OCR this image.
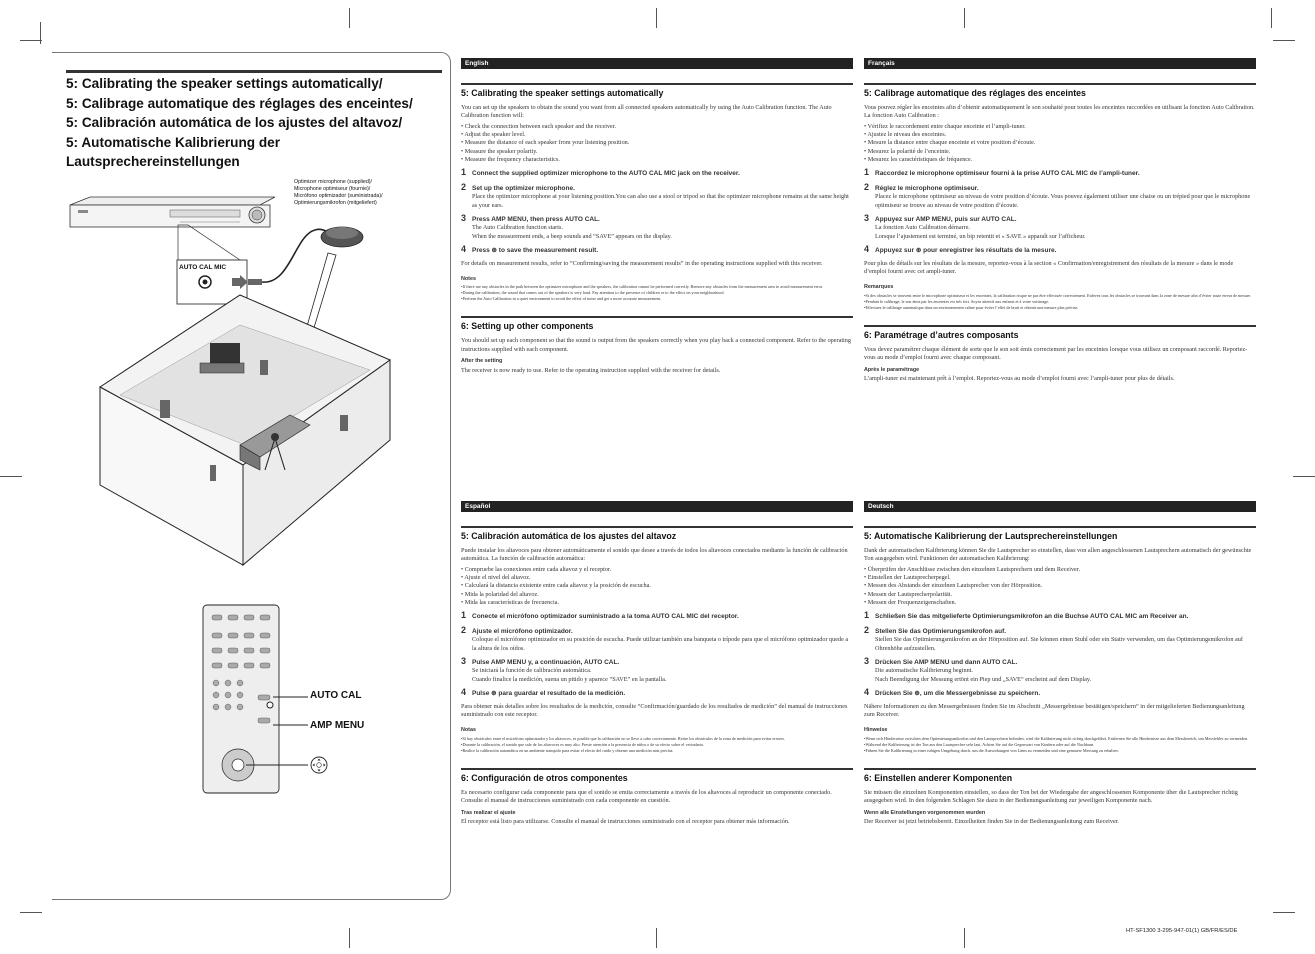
5: Calibrating the speaker settings automatically/
5: Calibrage automatique des réglages des enceintes/
5: Calibración automática de los ajustes del altavoz/
5: Automatische Kalibrierung der
Lautsprechereinstellungen
Optimizer microphone (supplied)/
Microphone optimiseur (fournie)/
Micrófono optimizador (suministrada)/
Optimierungsmikrofon (mitgeliefert)
AUTO CAL MIC
AUTO CAL
AMP MENU
English
5: Calibrating the speaker settings automatically
You can set up the speakers to obtain the sound you want from all connected speakers automatically by using the Auto Calibration function. The Auto Calibration function will:
• Check the connection between each speaker and the receiver.
• Adjust the speaker level.
• Measure the distance of each speaker from your listening position.
• Measure the speaker polarity.
• Measure the frequency characteristics.
1 Connect the supplied optimizer microphone to the AUTO CAL MIC jack on the receiver.
2 Set up the optimizer microphone.
Place the optimizer microphone at your listening position.You can also use a stool or tripod so that the optimizer microphone remains at the same height as your ears.
3 Press AMP MENU, then press AUTO CAL.
The Auto Calibration function starts.
When the measurement ends, a beep sounds and “SAVE” appears on the display.
4 Press ⊕ to save the measurement result.
For details on measurement results, refer to “Confirming/saving the measurement results” in the operating instructions supplied with this receiver.
Notes
•If there are any obstacles in the path between the optimizer microphone and the speakers, the calibration cannot be performed correctly. Remove any obstacles from the measurement area to avoid measurement error.
•During the calibration, the sound that comes out of the speakers is very loud. Pay attention to the presence of children or to the effect on your neighborhood.
•Perform the Auto Calibration in a quiet environment to avoid the effect of noise and get a more accurate measurement.
6: Setting up other components
You should set up each component so that the sound is output from the speakers correctly when you play back a connected component. Refer to the operating instructions supplied with each component.
After the setting
The receiver is now ready to use. Refer to the operating instruction supplied with the receiver for details.
Français
5: Calibrage automatique des réglages des enceintes
Vous pouvez régler les enceintes afin d’obtenir automatiquement le son souhaité pour toutes les enceintes raccordées en utilisant la fonction Auto Calibration. La fonction Auto Calibration :
• Vérifiez le raccordement entre chaque enceinte et l’ampli-tuner.
• Ajustez le niveau des enceintes.
• Mesure la distance entre chaque enceinte et votre position d’écoute.
• Mesurez la polarité de l’enceinte.
• Mesurez les caractéristiques de fréquence.
1 Raccordez le microphone optimiseur fourni à la prise AUTO CAL MIC de l’ampli-tuner.
2 Réglez le microphone optimiseur.
Placez le microphone optimiseur au niveau de votre position d’écoute. Vous pouvez également utiliser une chaise ou un trépied pour que le microphone optimiseur se trouve au niveau de votre position d’écoute.
3 Appuyez sur AMP MENU, puis sur AUTO CAL.
La fonction Auto Calibration démarre.
Lorsque l’ajustement est terminé, un bip retentit et « SAVE » apparaît sur l’afficheur.
4 Appuyez sur ⊕ pour enregistrer les résultats de la mesure.
Pour plus de détails sur les résultats de la mesure, reportez-vous à la section « Confirmation/enregistrement des résultats de la mesure » dans le mode d’emploi fourni avec cet ampli-tuner.
Remarques
•Si des obstacles se trouvent entre le microphone optimiseur et les enceintes, la calibration risque ne pas être effectuée correctement. Enlevez tous les obstacles se trouvant dans la zone de mesure afin d’éviter toute erreur de mesure.
•Pendant le calibrage, le son émis par les enceintes est très fort. Soyez attentif aux enfants et à votre voisinage.
•Effectuez le calibrage automatique dans un environnement calme pour éviter l’effet de bruit et obtenir une mesure plus précise.
6: Paramétrage d’autres composants
Vous devez paramétrer chaque élément de sorte que le son soit émis correctement par les enceintes lorsque vous utilisez un composant raccordé. Reportez-vous au mode d’emploi fourni avec chaque composant.
Après le paramétrage
L’ampli-tuner est maintenant prêt à l’emploi. Reportez-vous au mode d’emploi fourni avec l’ampli-tuner pour plus de détails.
Español
5: Calibración automática de los ajustes del altavoz
Puede instalar los altavoces para obtener automáticamente el sonido que desee a través de todos los altavoces conectados mediante la función de calibración automática. La función de calibración automática:
• Compruebe las conexiones entre cada altavoz y el receptor.
• Ajuste el nivel del altavoz.
• Calculará la distancia existente entre cada altavoz y la posición de escucha.
• Mida la polaridad del altavoz.
• Mida las características de frecuencia.
1 Conecte el micrófono optimizador suministrado a la toma AUTO CAL MIC del receptor.
2 Ajuste el micrófono optimizador.
Coloque el micrófono optimizador en su posición de escucha. Puede utilizar también una banqueta o trípode para que el micrófono optimizador quede a la altura de los oídos.
3 Pulse AMP MENU y, a continuación, AUTO CAL.
Se iniciará la función de calibración automática.
Cuando finalice la medición, suena un pitido y aparece “SAVE” en la pantalla.
4 Pulse ⊕ para guardar el resultado de la medición.
Para obtener más detalles sobre los resultados de la medición, consulte “Confirmación/guardado de los resultados de medición” del manual de instrucciones suministrado con este receptor.
Notas
•Si hay obstáculos entre el micrófono optimizador y los altavoces, es posible que la calibración no se lleve a cabo correctamente. Retire los obstáculos de la zona de medición para evitar errores.
•Durante la calibración, el sonido que sale de los altavoces es muy alto. Preste atención a la presencia de niños o de su efecto sobre el vecindario.
•Realice la calibración automática en un ambiente tranquilo para evitar el efecto del ruido y obtener una medición más precisa.
6: Configuración de otros componentes
Es necesario configurar cada componente para que el sonido se emita correctamente a través de los altavoces al reproducir un componente conectado. Consulte el manual de instrucciones suministrado con cada componente en cuestión.
Tras realizar el ajuste
El receptor está listo para utilizarse. Consulte el manual de instrucciones suministrado con el receptor para obtener más información.
Deutsch
5: Automatische Kalibrierung der Lautsprechereinstellungen
Dank der automatischen Kalibrierung können Sie die Lautsprecher so einstellen, dass von allen angeschlossenen Lautsprechern automatisch der gewünschte Ton ausgegeben wird. Funktionen der automatischen Kalibrierung:
• Überprüfen der Anschlüsse zwischen den einzelnen Lautsprechern und dem Receiver.
• Einstellen der Lautsprecherpegel.
• Messen des Abstands der einzelnen Lautsprecher von der Hörposition.
• Messen der Lautsprecherpolarität.
• Messen der Frequenzeigenschaften.
1 Schließen Sie das mitgelieferte Optimierungsmikrofon an die Buchse AUTO CAL MIC am Receiver an.
2 Stellen Sie das Optimierungsmikrofon auf.
Stellen Sie das Optimierungsmikrofon an der Hörposition auf. Sie können einen Stuhl oder ein Stativ verwenden, um das Optimierungsmikrofon auf Ohrenhöhe aufzustellen.
3 Drücken Sie AMP MENU und dann AUTO CAL.
Die automatische Kalibrierung beginnt.
Nach Beendigung der Messung ertönt ein Piep und „SAVE“ erscheint auf dem Display.
4 Drücken Sie ⊕, um die Messergebnisse zu speichern.
Nähere Informationen zu den Messergebnissen finden Sie im Abschnitt „Messergebnisse bestätigen/speichern“ in der mitgelieferten Bedienungsanleitung zum Receiver.
Hinweise
•Wenn sich Hindernisse zwischen dem Optimierungsmikrofon und den Lautsprechern befinden, wird die Kalibrierung nicht richtig durchgeführt. Entfernen Sie alle Hindernisse aus dem Messbereich, um Messfehler zu vermeiden.
•Während der Kalibrierung ist der Ton aus den Lautsprecher sehr laut. Achten Sie auf die Gegenwart von Kindern oder auf die Nachbarn.
•Führen Sie die Kalibrierung in einer ruhigen Umgebung durch, um die Auswirkungen von Lärm zu vermeiden und eine genauere Messung zu erhalten.
6: Einstellen anderer Komponenten
Sie müssen die einzelnen Komponenten einstellen, so dass der Ton bei der Wiedergabe der angeschlossenen Komponente über die Lautsprecher richtig ausgegeben wird. In den folgenden Schlagen Sie dazu in der Bedienungsanleitung zur jeweiligen Komponente nach.
Wenn alle Einstellungen vorgenommen wurden
Der Receiver ist jetzt betriebsbereit. Einzelheiten finden Sie in der Bedienungsanleitung zum Receiver.
HT-SF1300 3-295-947-01(1) GB/FR/ES/DE
